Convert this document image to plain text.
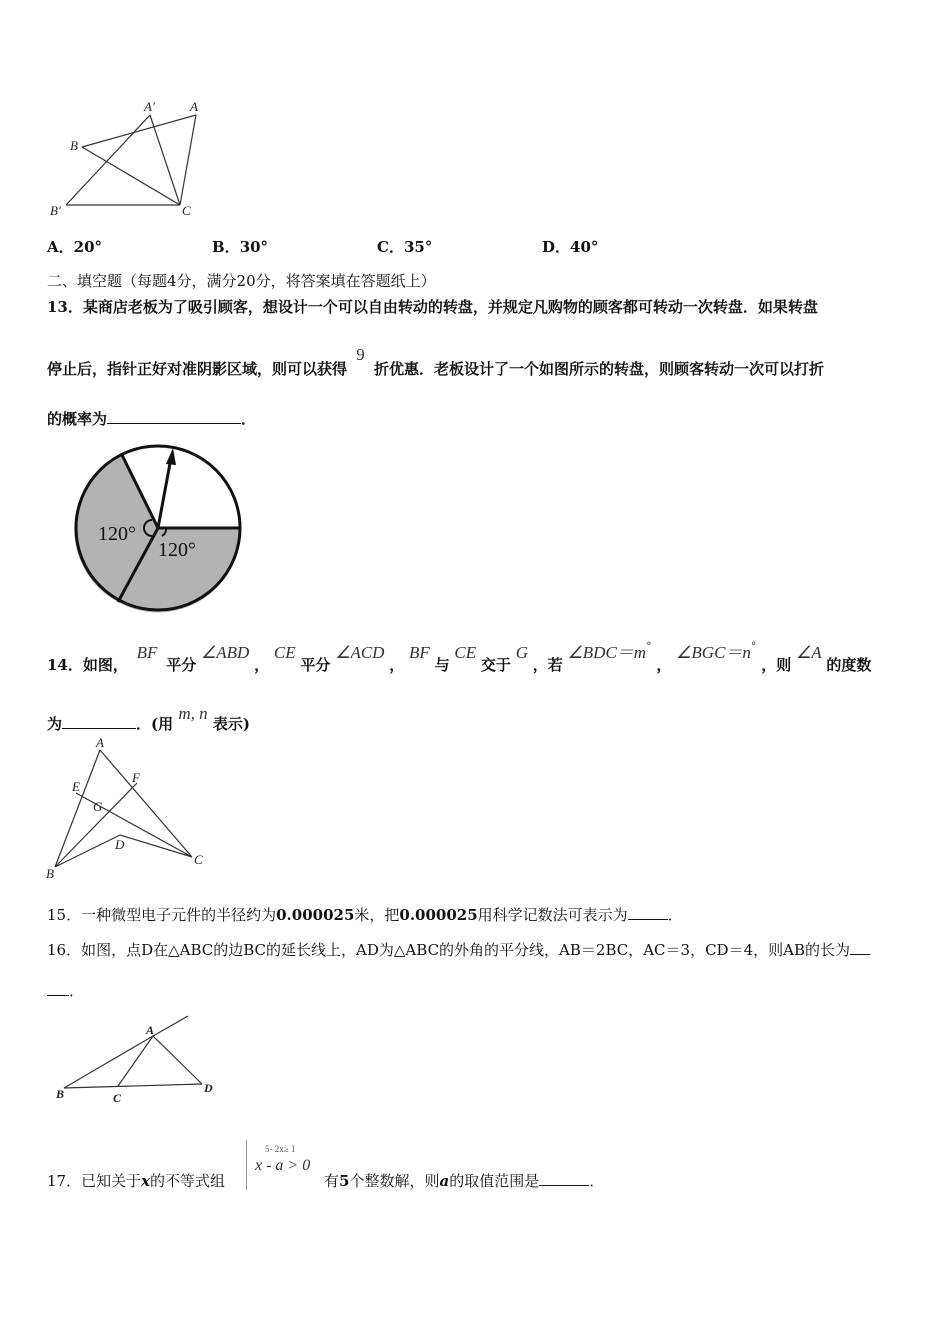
A′	A
B
B′	C
A．20°	B．30°	C．35°	D．40°
二、填空题（每题4分，满分20分，将答案填在答题纸上）
13．某商店老板为了吸引顾客，想设计一个可以自由转动的转盘，并规定凡购物的顾客都可转动一次转盘．如果转盘
停止后，指针正好对准阴影区域，则可以获得 9 折优惠．老板设计了一个如图所示的转盘，则顾客转动一次可以打折
的概率为	．
120°
120°
14．如图， BF 平分 ∠ABD ， CE 平分 ∠ACD ， BF 与 CE 交于 G ，若 ∠BDC＝m° ， ∠BGC＝n° ，则 ∠A 的度数
为	．(用 m, n 表示)
A
E
F
G
D
B
C
15．一种微型电子元件的半径约为0.000025米，把0.000025用科学记数法可表示为	．
16．如图，点D在△ABC的边BC的延长线上，AD为△ABC的外角的平分线，AB＝2BC，AC＝3，CD＝4，则AB的长为
．
A
B	C
D
17．已知关于x的不等式组
5- 2x≥ 1
x - a > 0
有5个整数解，则a的取值范围是	．
